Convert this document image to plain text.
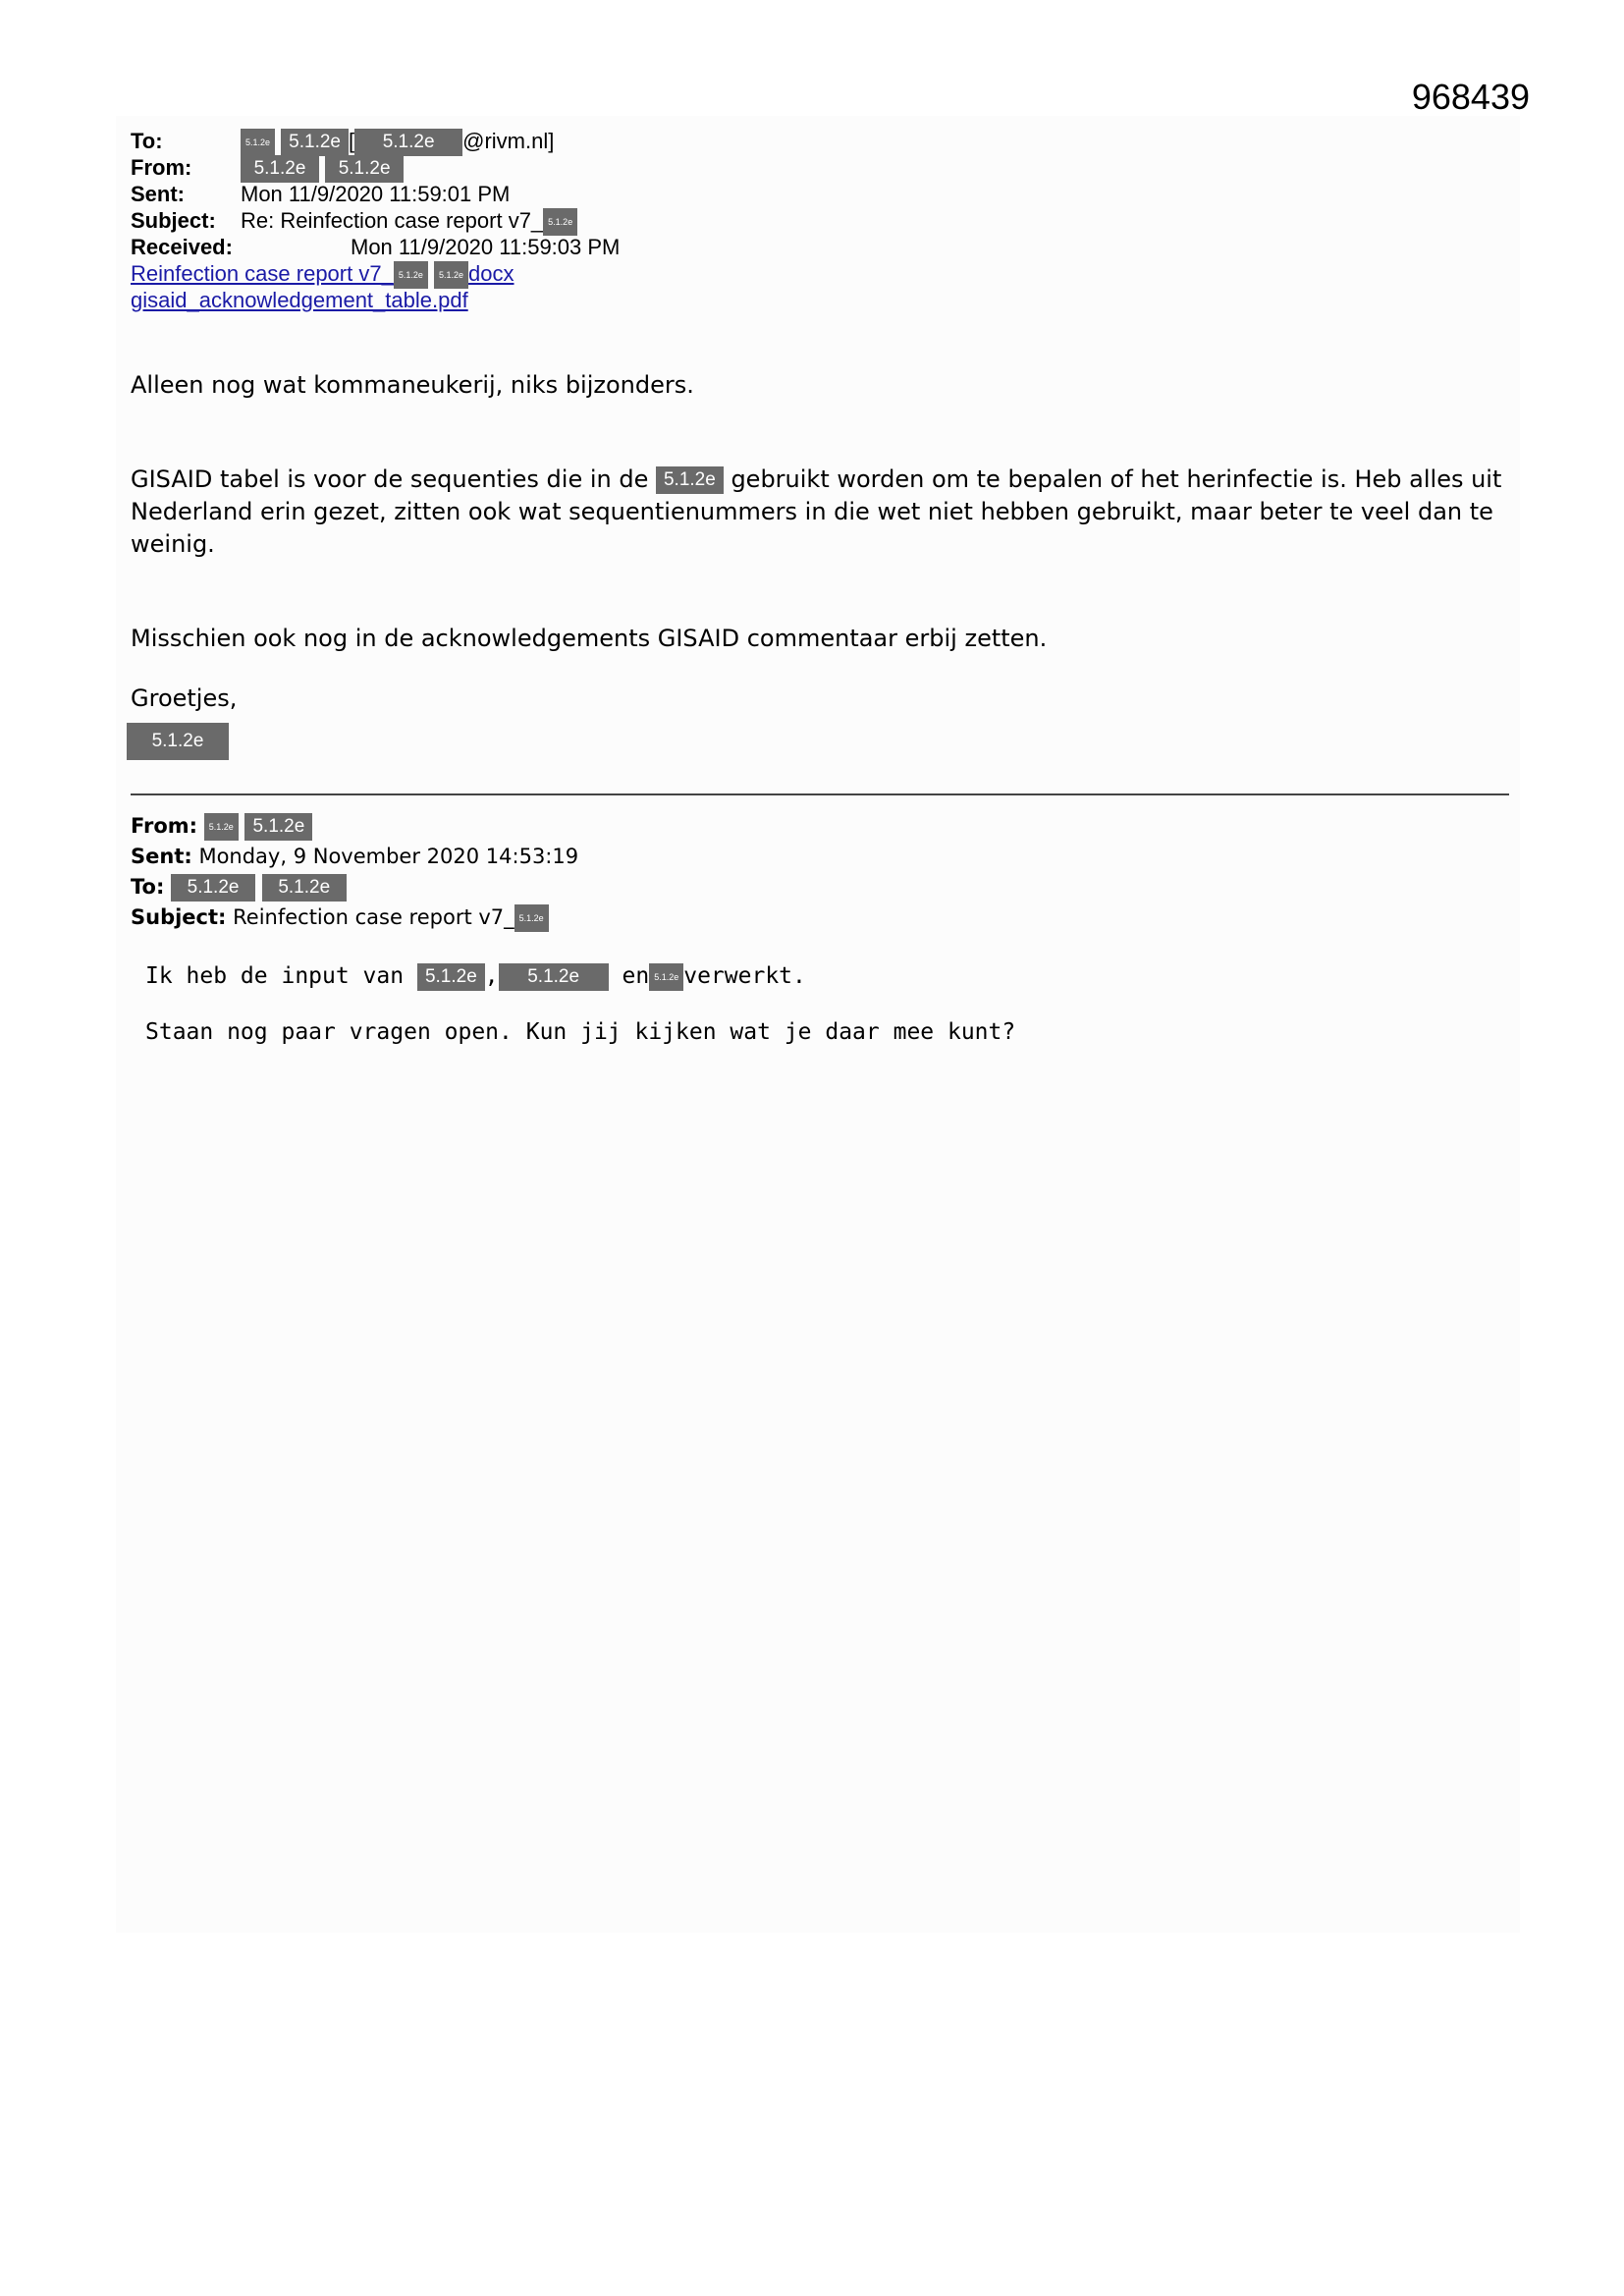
968439
To:	5.1.2e 5.1.2e [ 5.1.2e @rivm.nl]
From:	5.1.2e 5.1.2e
Sent:	Mon 11/9/2020 11:59:01 PM
Subject: Re: Reinfection case report v7_ 5.1.2e
Received:	Mon 11/9/2020 11:59:03 PM
Reinfection case report v7_ 5.1.2e 5.1.2e docx
gisaid_acknowledgement_table.pdf

Alleen nog wat kommaneukerij, niks bijzonders.

GISAID tabel is voor de sequenties die in de 5.1.2e gebruikt worden om te bepalen of het herinfectie is. Heb alles uit
Nederland erin gezet, zitten ook wat sequentienummers in die wet niet hebben gebruikt, maar beter te veel dan te weinig.

Misschien ook nog in de acknowledgements GISAID commentaar erbij zetten.

Groetjes,

5.1.2e
From: 5.1.2e 5.1.2e
Sent: Monday, 9 November 2020 14:53:19
To: 5.1.2e 5.1.2e
Subject: Reinfection case report v7_ 5.1.2e
Ik heb de input van 5.1.2e , 5.1.2e en 5.1.2e verwerkt.
Staan nog paar vragen open. Kun jij kijken wat je daar mee kunt?
